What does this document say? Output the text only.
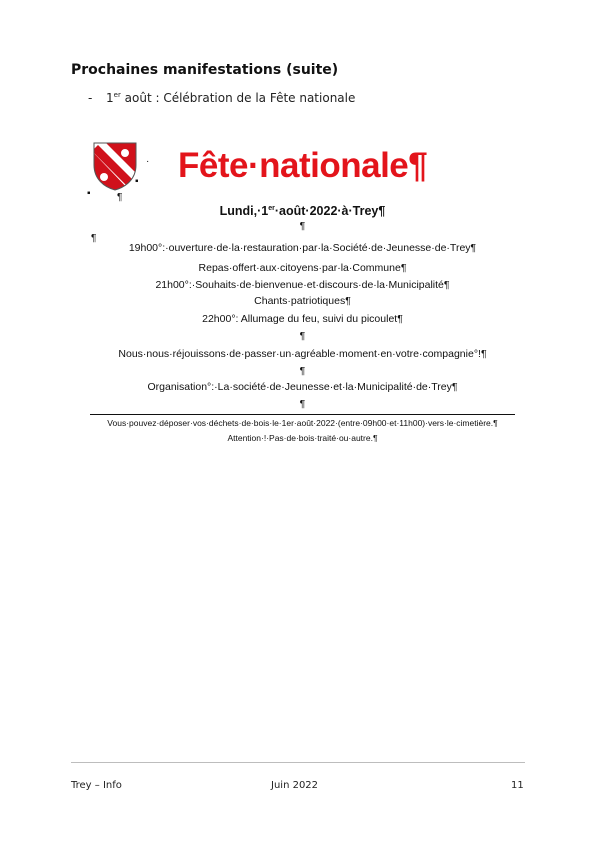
Prochaines manifestations (suite)
- 1er août : Célébration de la Fête nationale
·
▪
▪
¶
Fête·nationale¶
Lundi,·1er·août·2022·à·Trey¶
¶
¶
19h00°:·ouverture·de·la·restauration·par·la·Société·de·Jeunesse·de·Trey¶
Repas·offert·aux·citoyens·par·la·Commune¶
21h00°:·Souhaits·de·bienvenue·et·discours·de·la·Municipalité¶
Chants·patriotiques¶
22h00°: Allumage du feu, suivi du picoulet¶
¶
Nous·nous·réjouissons·de·passer·un·agréable·moment·en·votre·compagnie°!¶
¶
Organisation°:·La·société·de·Jeunesse·et·la·Municipalité·de·Trey¶
¶
Vous·pouvez·déposer·vos·déchets·de·bois·le·1er·août·2022·(entre·09h00·et·11h00)·vers·le·cimetière.¶
Attention·!·Pas·de·bois·traité·ou·autre.¶
Trey – Info	Juin 2022	11
